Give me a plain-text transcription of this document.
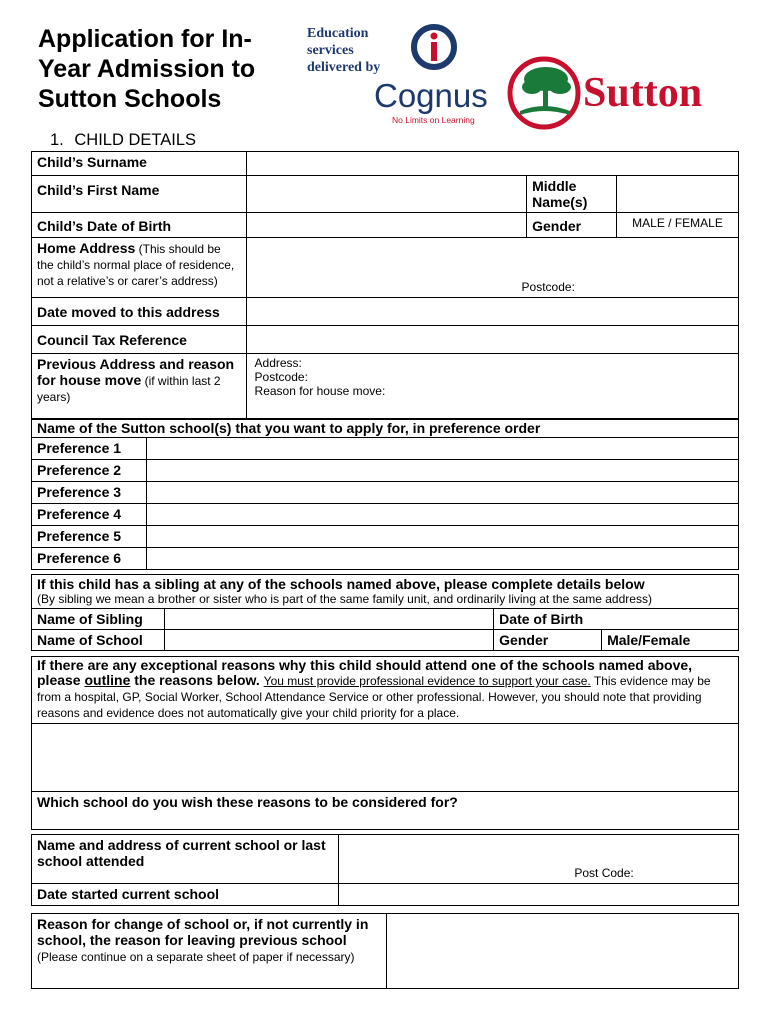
Application for In-Year Admission to Sutton Schools
Education services delivered by
Cognus
No Limits on Learning
Sutton
1. CHILD DETAILS
Child’s Surname			
Child’s First Name		Middle Name(s)	
Child’s Date of Birth		Gender	MALE / FEMALE
Home Address (This should be the child’s normal place of residence, not a relative’s or carer’s address)	Postcode:		
Date moved to this address			
Council Tax Reference			
Previous Address and reason for house move (if within last 2 years)	Address:
Postcode:
Reason for house move:		
Name of the Sutton school(s) that you want to apply for, in preference order	
Preference 1	
Preference 2	
Preference 3	
Preference 4	
Preference 5	
Preference 6	
If this child has a sibling at any of the schools named above, please complete details below
(By sibling we mean a brother or sister who is part of the same family unit, and ordinarily living at the same address)			

Name of Sibling		Date of Birth	
Name of School		Gender	Male/Female
If there are any exceptional reasons why this child should attend one of the schools named above, please outline the reasons below. You must provide professional evidence to support your case. This evidence may be from a hospital, GP, Social Worker, School Attendance Service or other professional. However, you should note that providing reasons and evidence does not automatically give your child priority for a place.

Which school do you wish these reasons to be considered for?
Name and address of current school or last school attended	Post Code:
Date started current school	
Reason for change of school or, if not currently in school, the reason for leaving previous school (Please continue on a separate sheet of paper if necessary)	
